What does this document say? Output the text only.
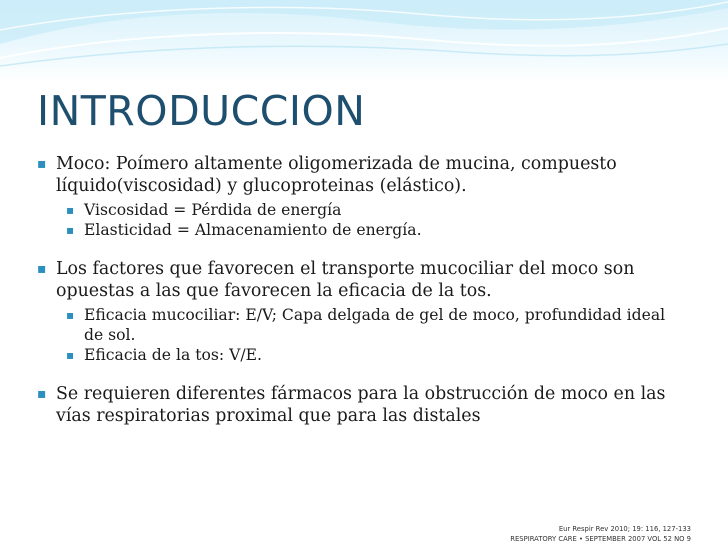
INTRODUCCION
▪ Moco: Poímero altamente oligomerizada de mucina, compuesto líquido(viscosidad) y glucoproteinas (elástico).
▪ Viscosidad = Pérdida de energía
▪ Elasticidad = Almacenamiento de energía.
▪ Los factores que favorecen el transporte mucociliar del moco son opuestas a las que favorecen la eficacia de la tos.
▪ Eficacia mucociliar: E/V; Capa delgada de gel de moco, profundidad ideal de sol.
▪ Eficacia de la tos: V/E.
▪ Se requieren diferentes fármacos para la obstrucción de moco en las vías respiratorias proximal que para las distales
Eur Respir Rev 2010; 19: 116, 127-133
RESPIRATORY CARE • SEPTEMBER 2007 VOL 52 NO 9
